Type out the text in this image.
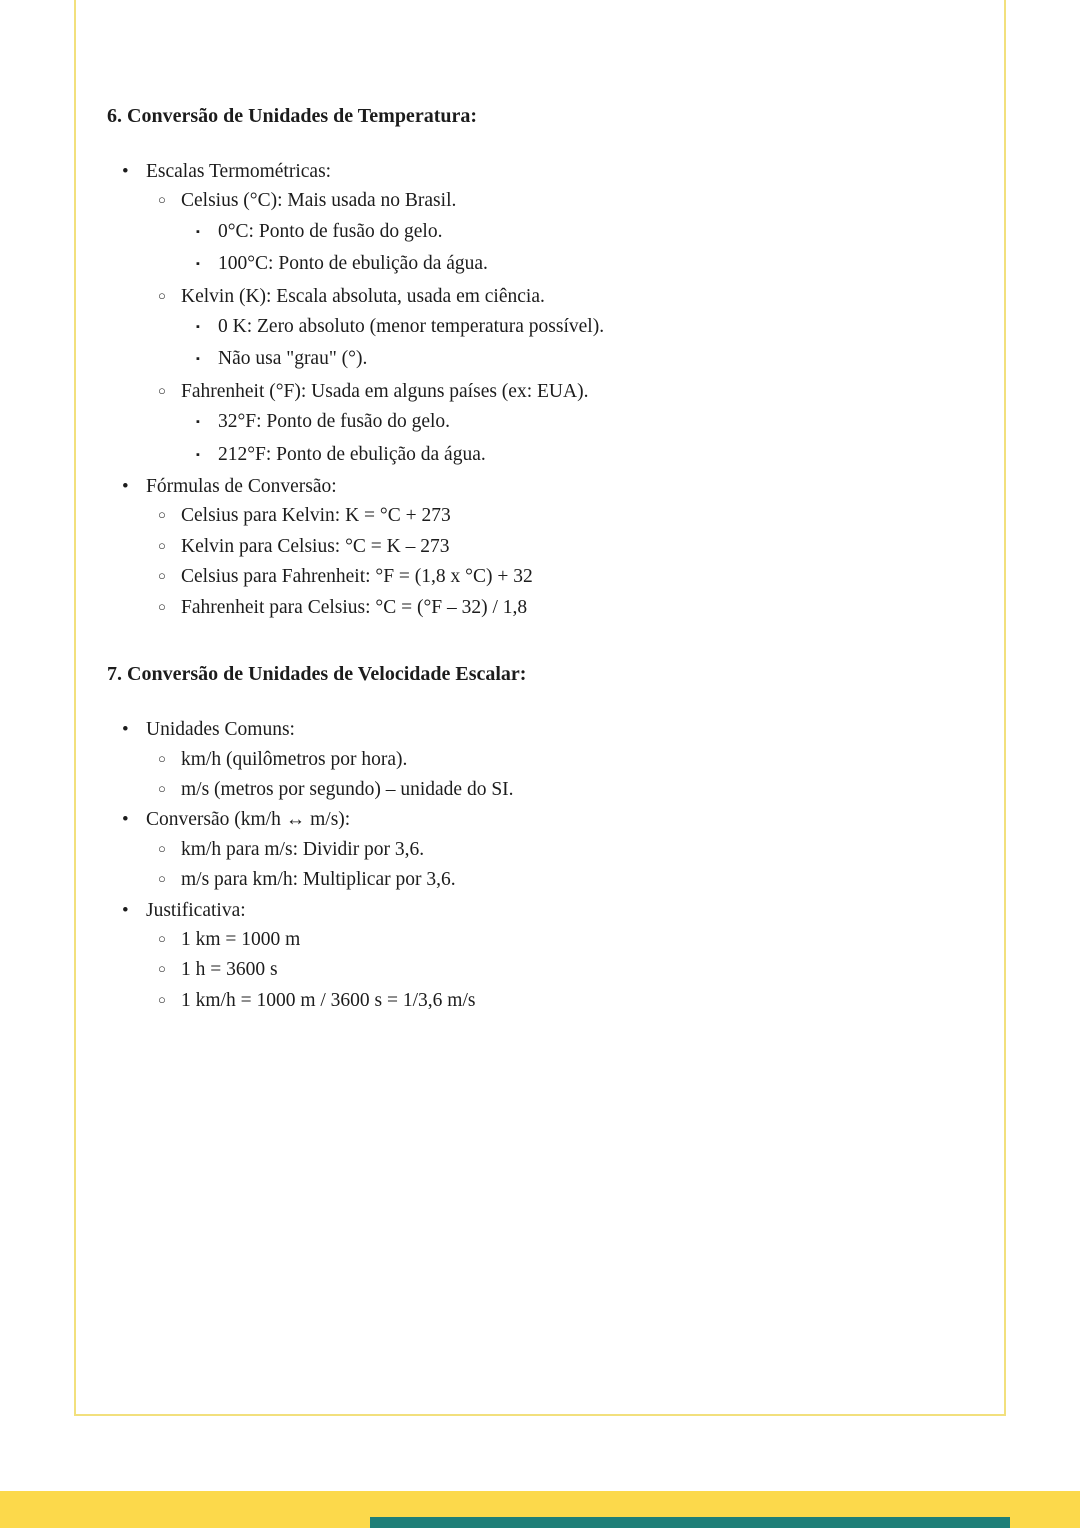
6. Conversão de Unidades de Temperatura:
• Escalas Termométricas:
○ Celsius (°C): Mais usada no Brasil.
▪ 0°C: Ponto de fusão do gelo.
▪ 100°C: Ponto de ebulição da água.
○ Kelvin (K): Escala absoluta, usada em ciência.
▪ 0 K: Zero absoluto (menor temperatura possível).
▪ Não usa "grau" (°).
○ Fahrenheit (°F): Usada em alguns países (ex: EUA).
▪ 32°F: Ponto de fusão do gelo.
▪ 212°F: Ponto de ebulição da água.
• Fórmulas de Conversão:
○ Celsius para Kelvin: K = °C + 273
○ Kelvin para Celsius: °C = K – 273
○ Celsius para Fahrenheit: °F = (1,8 x °C) + 32
○ Fahrenheit para Celsius: °C = (°F – 32) / 1,8
7. Conversão de Unidades de Velocidade Escalar:
• Unidades Comuns:
○ km/h (quilômetros por hora).
○ m/s (metros por segundo) – unidade do SI.
• Conversão (km/h ↔ m/s):
○ km/h para m/s: Dividir por 3,6.
○ m/s para km/h: Multiplicar por 3,6.
• Justificativa:
○ 1 km = 1000 m
○ 1 h = 3600 s
○ 1 km/h = 1000 m / 3600 s = 1/3,6 m/s
